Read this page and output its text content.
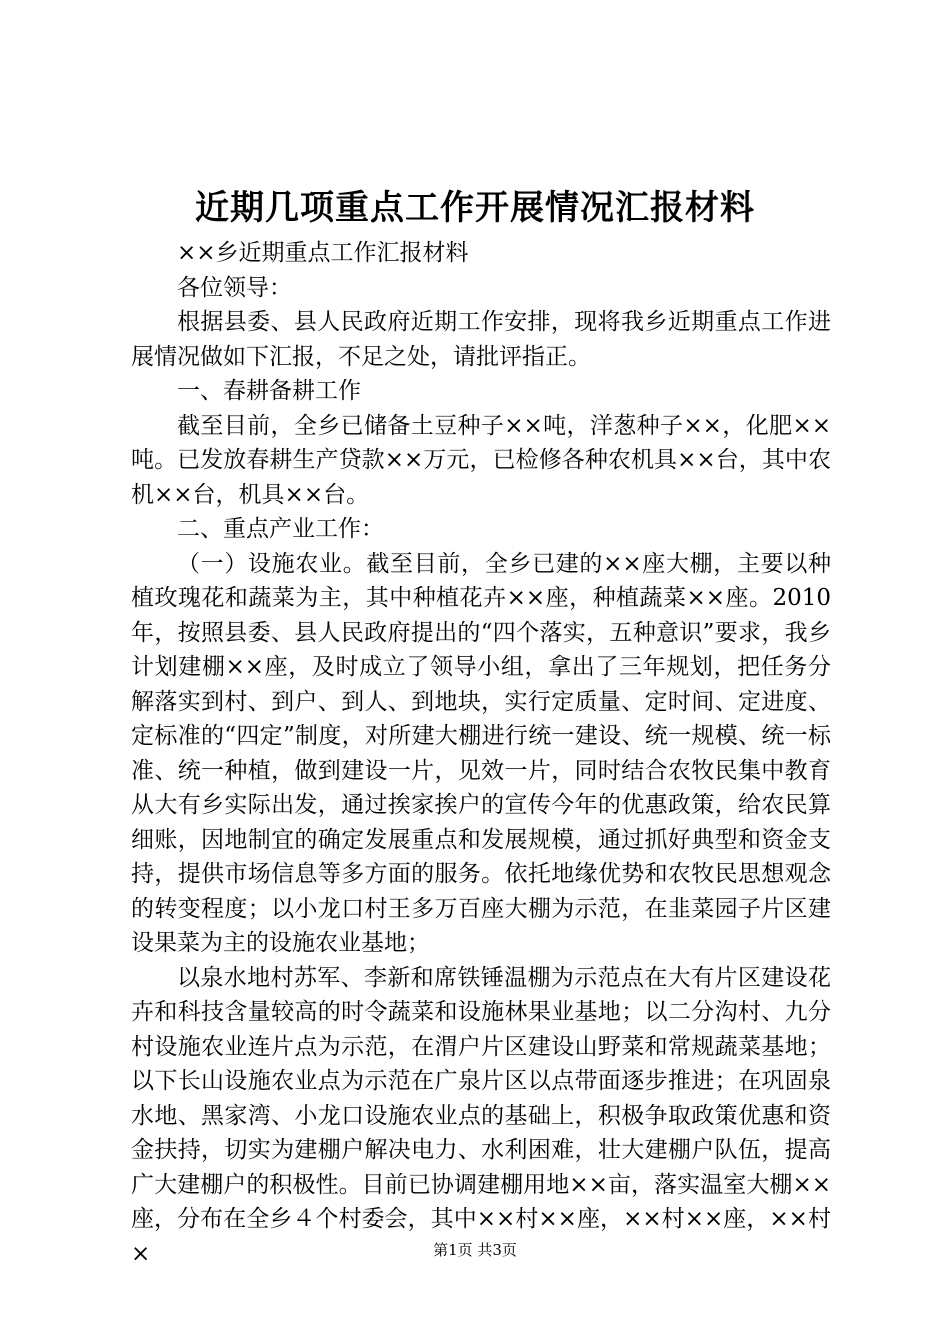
近期几项重点工作开展情况汇报材料

××乡近期重点工作汇报材料

各位领导：

根据县委、县人民政府近期工作安排，现将我乡近期重点工作进展情况做如下汇报，不足之处，请批评指正。

一、春耕备耕工作

截至目前，全乡已储备土豆种子××吨，洋葱种子××，化肥××吨。已发放春耕生产贷款××万元，已检修各种农机具××台，其中农机××台，机具××台。

二、重点产业工作：

（一）设施农业。截至目前，全乡已建的××座大棚，主要以种植玫瑰花和蔬菜为主，其中种植花卉××座，种植蔬菜××座。2010年，按照县委、县人民政府提出的“四个落实，五种意识”要求，我乡计划建棚××座，及时成立了领导小组，拿出了三年规划，把任务分解落实到村、到户、到人、到地块，实行定质量、定时间、定进度、定标准的“四定”制度，对所建大棚进行统一建设、统一规模、统一标准、统一种植，做到建设一片，见效一片，同时结合农牧民集中教育从大有乡实际出发，通过挨家挨户的宣传今年的优惠政策，给农民算细账，因地制宜的确定发展重点和发展规模，通过抓好典型和资金支持，提供市场信息等多方面的服务。依托地缘优势和农牧民思想观念的转变程度；以小龙口村王多万百座大棚为示范，在韭菜园子片区建设果菜为主的设施农业基地；

以泉水地村苏军、李新和席铁锤温棚为示范点在大有片区建设花卉和科技含量较高的时令蔬菜和设施林果业基地；以二分沟村、九分村设施农业连片点为示范，在渭户片区建设山野菜和常规蔬菜基地；以下长山设施农业点为示范在广泉片区以点带面逐步推进；在巩固泉水地、黑家湾、小龙口设施农业点的基础上，积极争取政策优惠和资金扶持，切实为建棚户解决电力、水利困难，壮大建棚户队伍，提高广大建棚户的积极性。目前已协调建棚用地××亩，落实温室大棚××座，分布在全乡４个村委会，其中××村××座，××村××座，××村×	第1页 共3页
